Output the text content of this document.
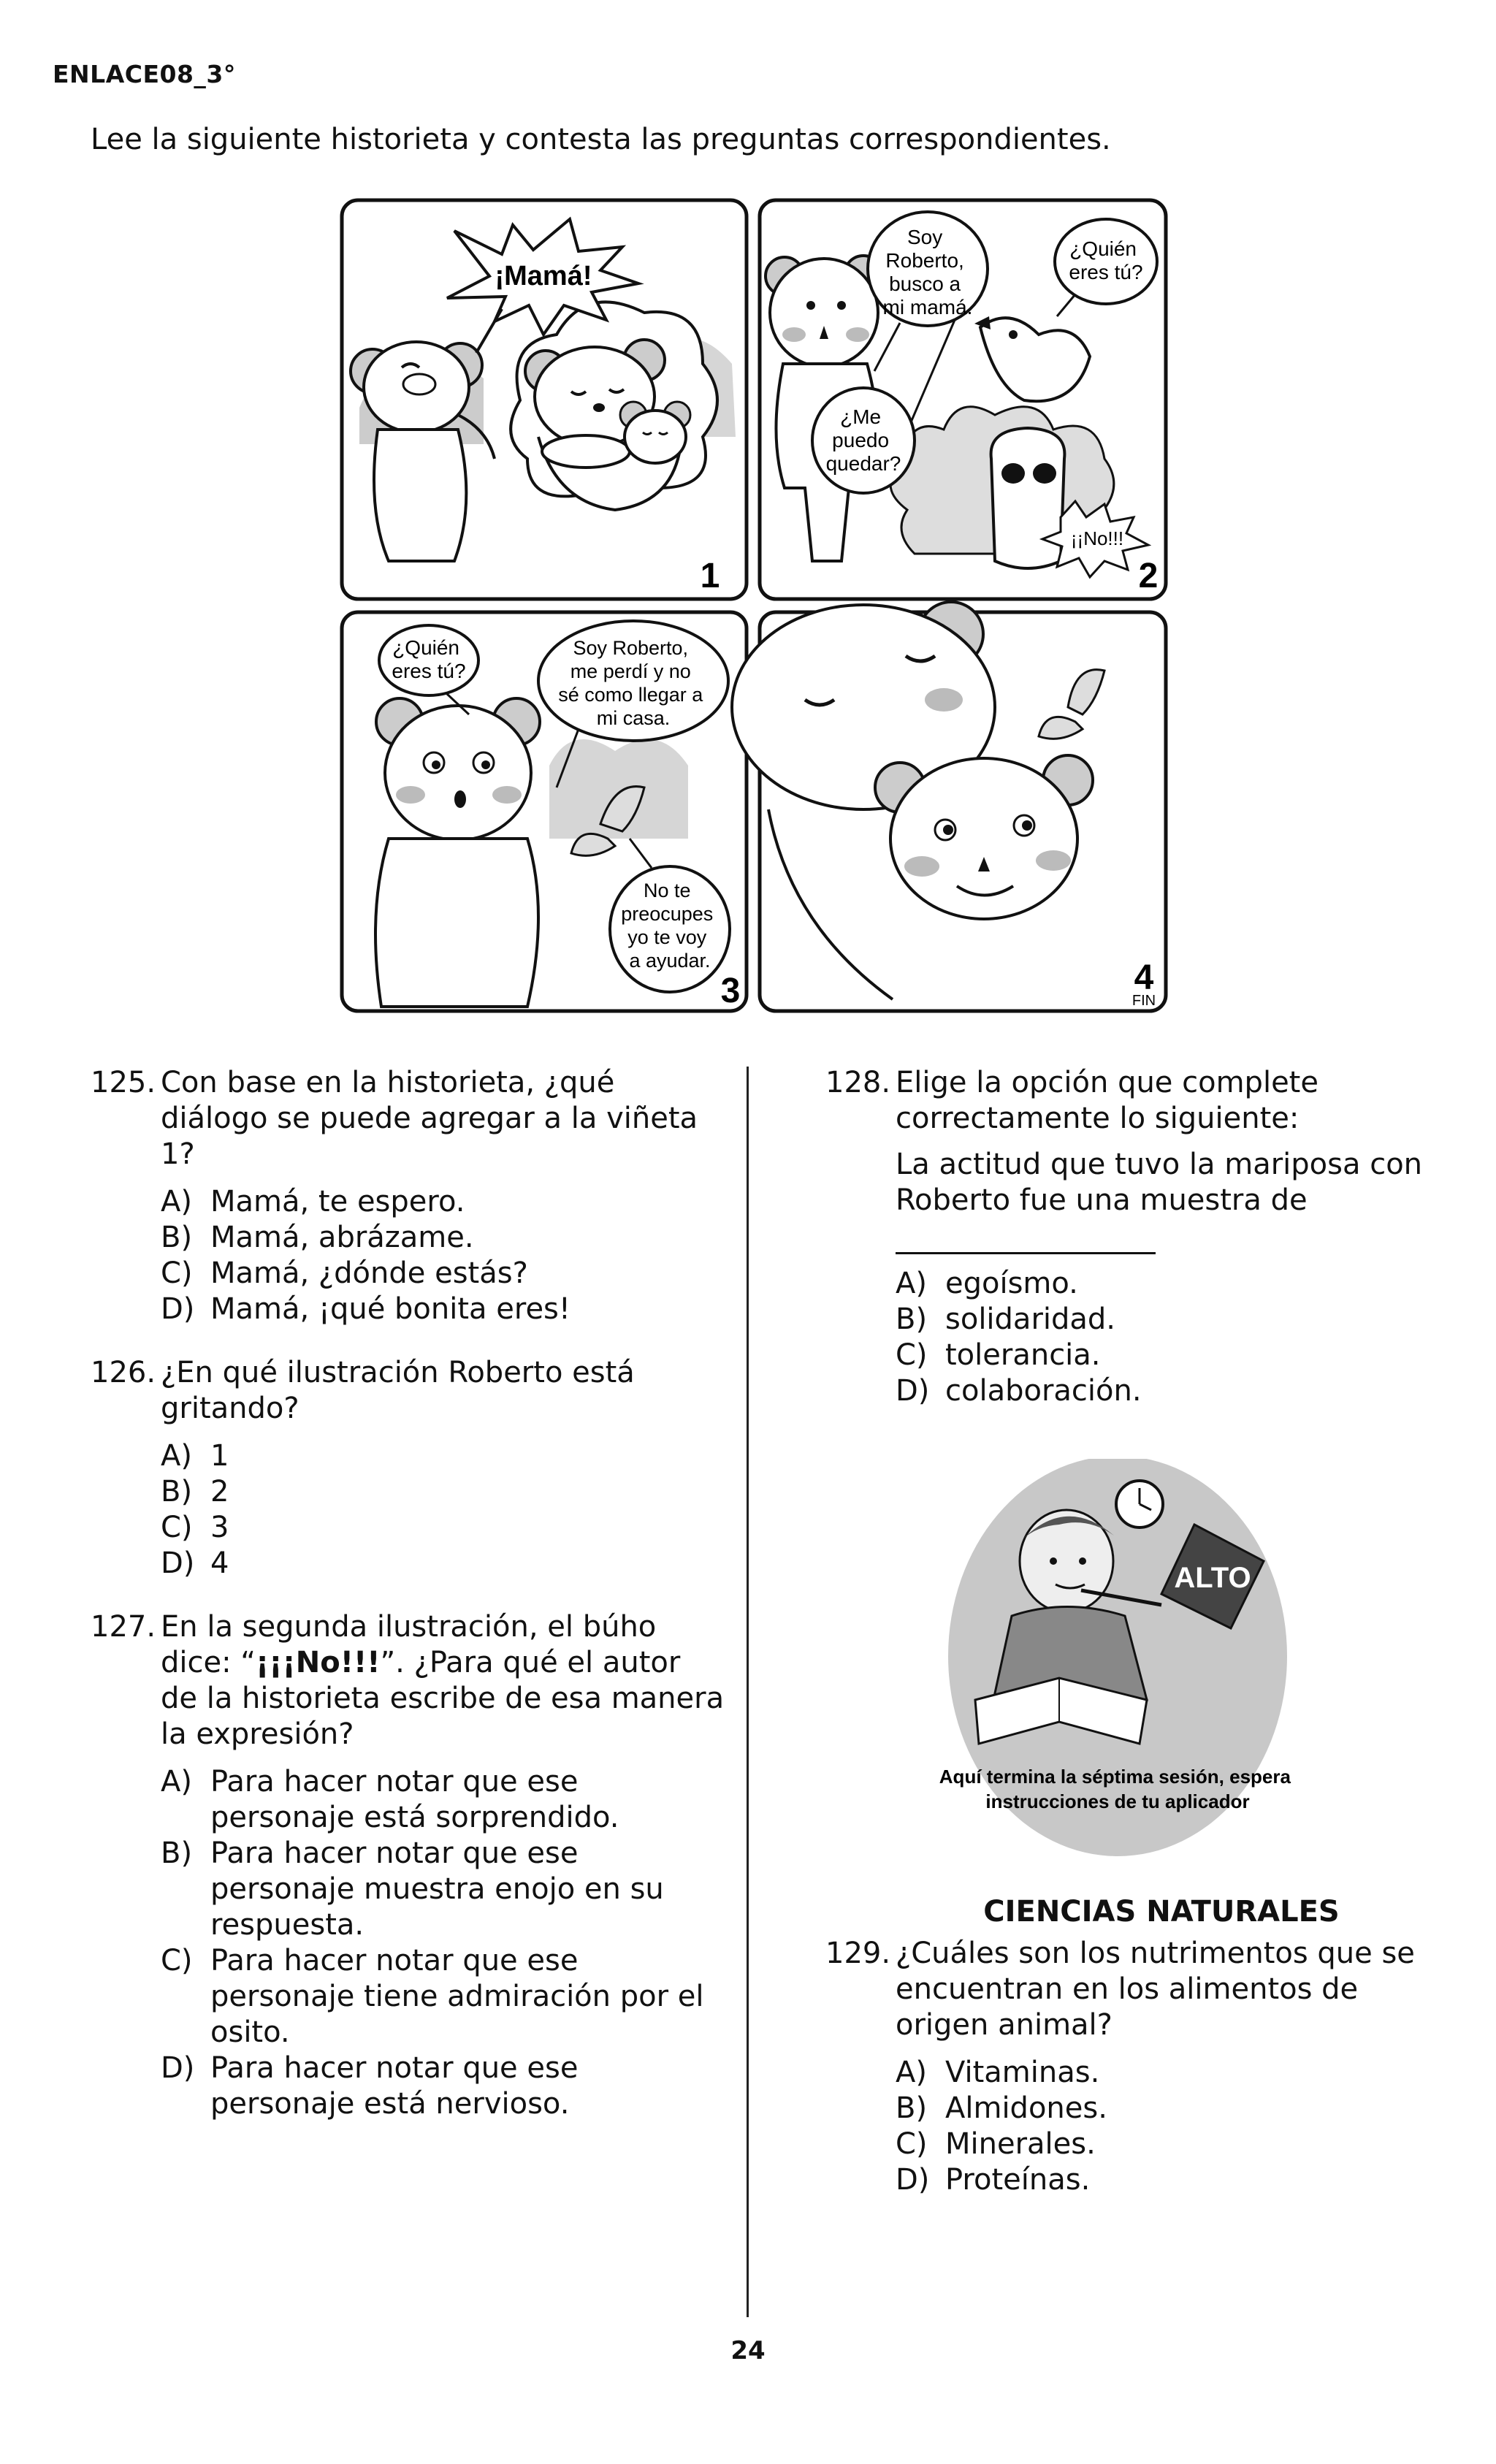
ENLACE08_3°
Lee la siguiente historieta y contesta las preguntas correspondientes.
¡Mamá!
1
Soy Roberto, busco a mi mamá.
¿Quién eres tú?
¿Me puedo quedar?
¡¡No!!!
2
¿Quién eres tú?
Soy Roberto, me perdí y no sé como llegar a mi casa.
No te preocupes yo te voy a ayudar.
3	4
FIN
125. Con base en la historieta, ¿qué diálogo se puede agregar a la viñeta 1?
A) Mamá, te espero.
B) Mamá, abrázame.
C) Mamá, ¿dónde estás?
D) Mamá, ¡qué bonita eres!
126. ¿En qué ilustración Roberto está gritando?
A) 1
B) 2
C) 3
D) 4
127. En la segunda ilustración, el búho dice: “¡¡¡No!!!”. ¿Para qué el autor de la historieta escribe de esa manera la expresión?
A) Para hacer notar que ese personaje está sorprendido.
B) Para hacer notar que ese personaje muestra enojo en su respuesta.
C) Para hacer notar que ese personaje tiene admiración por el osito.
D) Para hacer notar que ese personaje está nervioso.
128. Elige la opción que complete correctamente lo siguiente:
La actitud que tuvo la mariposa con Roberto fue una muestra de
A) egoísmo.
B) solidaridad.
C) tolerancia.
D) colaboración.
ALTO
Aquí termina la séptima sesión, espera instrucciones de tu aplicador
CIENCIAS NATURALES
129. ¿Cuáles son los nutrimentos que se encuentran en los alimentos de origen animal?
A) Vitaminas.
B) Almidones.
C) Minerales.
D) Proteínas.
24
